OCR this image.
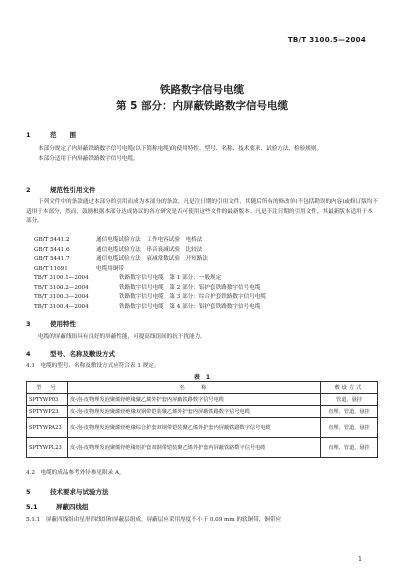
TB/T 3100.5—2004
铁路数字信号电缆
第 5 部分：内屏蔽铁路数字信号电缆
1	范　　围

本部分规定了内屏蔽铁路数字信号电缆(以下简称电缆)的使用特性、型号、名称、技术要求、试验方法、检验规则。

本部分适用于内屏蔽铁路数字信号电缆。

2	规范性引用文件

下列文件中的条款通过本部分的引用而成为本部分的条款。凡是注日期的引用文件，其随后所有的修改单(不包括勘误的内容)或修订版均不适用于本部分，然而，鼓励根据本部分达成协议的各方研究是否可使用这些文件的最新版本。凡是不注日期的引用文件，其最新版本适用于本部分。

GB/T 5441.2	通信电缆试验方法　 工作电容试验　电桥法
GB/T 5441.6	通信电缆试验方法　 串音衰减试验　比较法
GB/T 5441.7	通信电缆试验方法　 衰减常数试验　开短路法
GB/T 11091	电缆用铜带
TB/T 3100.1—2004	铁路数字信号电缆　 第 1 部分：一般规定
TB/T 3100.2—2004	铁路数字信号电缆　 第 2 部分：铝护套铁路数字信号电缆
TB/T 3100.3—2004	铁路数字信号电缆　 第 3 部分：综合护套铁路数字信号电缆
TB/T 3100.4—2004	铁路数字信号电缆　 第 4 部分：铝护套铁路数字信号电缆
3	使用特性

电缆的屏蔽线组具有良好的屏蔽性能，可提高线组间的抗干扰能力。

4	型号、名称及敷设方式
4.1　电缆的型号、名称及敷设方式应符合表 1 规定。
表　1
型　号	名　　称	敷设方式
SPTYWP03	皮-泡-皮物理发泡聚烯烃绝缘聚乙烯外护套内屏蔽铁路数字信号电缆	管道、悬挂
SPTYWP23	皮-泡-皮物理发泡聚烯烃绝缘双钢带铠装聚乙烯外护套内屏蔽铁路数字信号电缆	直埋、管道、悬挂
SPTYWPA23	皮-泡-皮物理发泡聚烯烃绝缘综合护套双钢带铠装聚乙烯外护套内屏蔽铁路数字信号电缆	直埋、管道、悬挂
SPTYWPL23	皮-泡-皮物理发泡聚烯烃绝缘铝护套双钢带铠装聚乙烯外护套内屏蔽铁路数字信号电缆	直埋、管道、悬挂
4.2　电缆的成品参考外径参见附录 A。
5	技术要求与试验方法
5.1	屏蔽四线组
5.1.1　屏蔽四线组由星形四线组和屏蔽层组成。屏蔽层应采用厚度不小于 0.09 mm 的软铜带，铜带应
1
